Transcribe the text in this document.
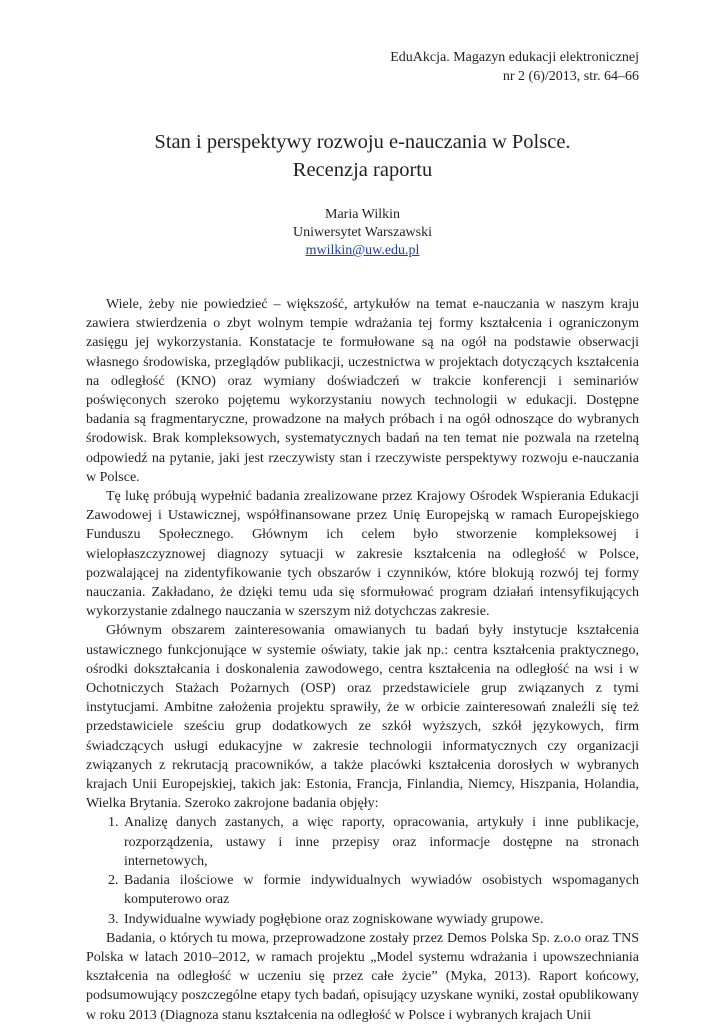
EduAkcja. Magazyn edukacji elektronicznej
nr 2 (6)/2013, str. 64–66
Stan i perspektywy rozwoju e-nauczania w Polsce.
Recenzja raportu
Maria Wilkin
Uniwersytet Warszawski
mwilkin@uw.edu.pl

Wiele, żeby nie powiedzieć – większość, artykułów na temat e-nauczania w naszym kraju zawiera stwierdzenia o zbyt wolnym tempie wdrażania tej formy kształcenia i ograniczonym zasięgu jej wykorzystania. Konstatacje te formułowane są na ogół na podstawie obserwacji własnego środowiska, przeglądów publikacji, uczestnictwa w projektach dotyczących kształcenia na odległość (KNO) oraz wymiany doświadczeń w trakcie konferencji i seminariów poświęconych szeroko pojętemu wykorzystaniu nowych technologii w edukacji. Dostępne badania są fragmentaryczne, prowadzone na małych próbach i na ogół odnoszące do wybranych środowisk. Brak kompleksowych, systematycznych badań na ten temat nie pozwala na rzetelną odpowiedź na pytanie, jaki jest rzeczywisty stan i rzeczywiste perspektywy rozwoju e-nauczania w Polsce.

Tę lukę próbują wypełnić badania zrealizowane przez Krajowy Ośrodek Wspierania Edukacji Zawodowej i Ustawicznej, współfinansowane przez Unię Europejską w ramach Europejskiego Funduszu Społecznego. Głównym ich celem było stworzenie kompleksowej i wielopłaszczyznowej diagnozy sytuacji w zakresie kształcenia na odległość w Polsce, pozwalającej na zidentyfikowanie tych obszarów i czynników, które blokują rozwój tej formy nauczania. Zakładano, że dzięki temu uda się sformułować program działań intensyfikujących wykorzystanie zdalnego nauczania w szerszym niż dotychczas zakresie.

Głównym obszarem zainteresowania omawianych tu badań były instytucje kształcenia ustawicznego funkcjonujące w systemie oświaty, takie jak np.: centra kształcenia praktycznego, ośrodki dokształcania i doskonalenia zawodowego, centra kształcenia na odległość na wsi i w Ochotniczych Stażach Pożarnych (OSP) oraz przedstawiciele grup związanych z tymi instytucjami. Ambitne założenia projektu sprawiły, że w orbicie zainteresowań znaleźli się też przedstawiciele sześciu grup dodatkowych ze szkół wyższych, szkół językowych, firm świadczących usługi edukacyjne w zakresie technologii informatycznych czy organizacji związanych z rekrutacją pracowników, a także placówki kształcenia dorosłych w wybranych krajach Unii Europejskiej, takich jak: Estonia, Francja, Finlandia, Niemcy, Hiszpania, Holandia, Wielka Brytania. Szeroko zakrojone badania objęły:

1. Analizę danych zastanych, a więc raporty, opracowania, artykuły i inne publikacje, rozporządzenia, ustawy i inne przepisy oraz informacje dostępne na stronach internetowych,
2. Badania ilościowe w formie indywidualnych wywiadów osobistych wspomaganych komputerowo oraz
3. Indywidualne wywiady pogłębione oraz zogniskowane wywiady grupowe.

Badania, o których tu mowa, przeprowadzone zostały przez Demos Polska Sp. z.o.o oraz TNS Polska w latach 2010–2012, w ramach projektu „Model systemu wdrażania i upowszechniania kształcenia na odległość w uczeniu się przez całe życie” (Myka, 2013). Raport końcowy, podsumowujący poszczególne etapy tych badań, opisujący uzyskane wyniki, został opublikowany w roku 2013 (Diagnoza stanu kształcenia na odległość w Polsce i wybranych krajach Unii
